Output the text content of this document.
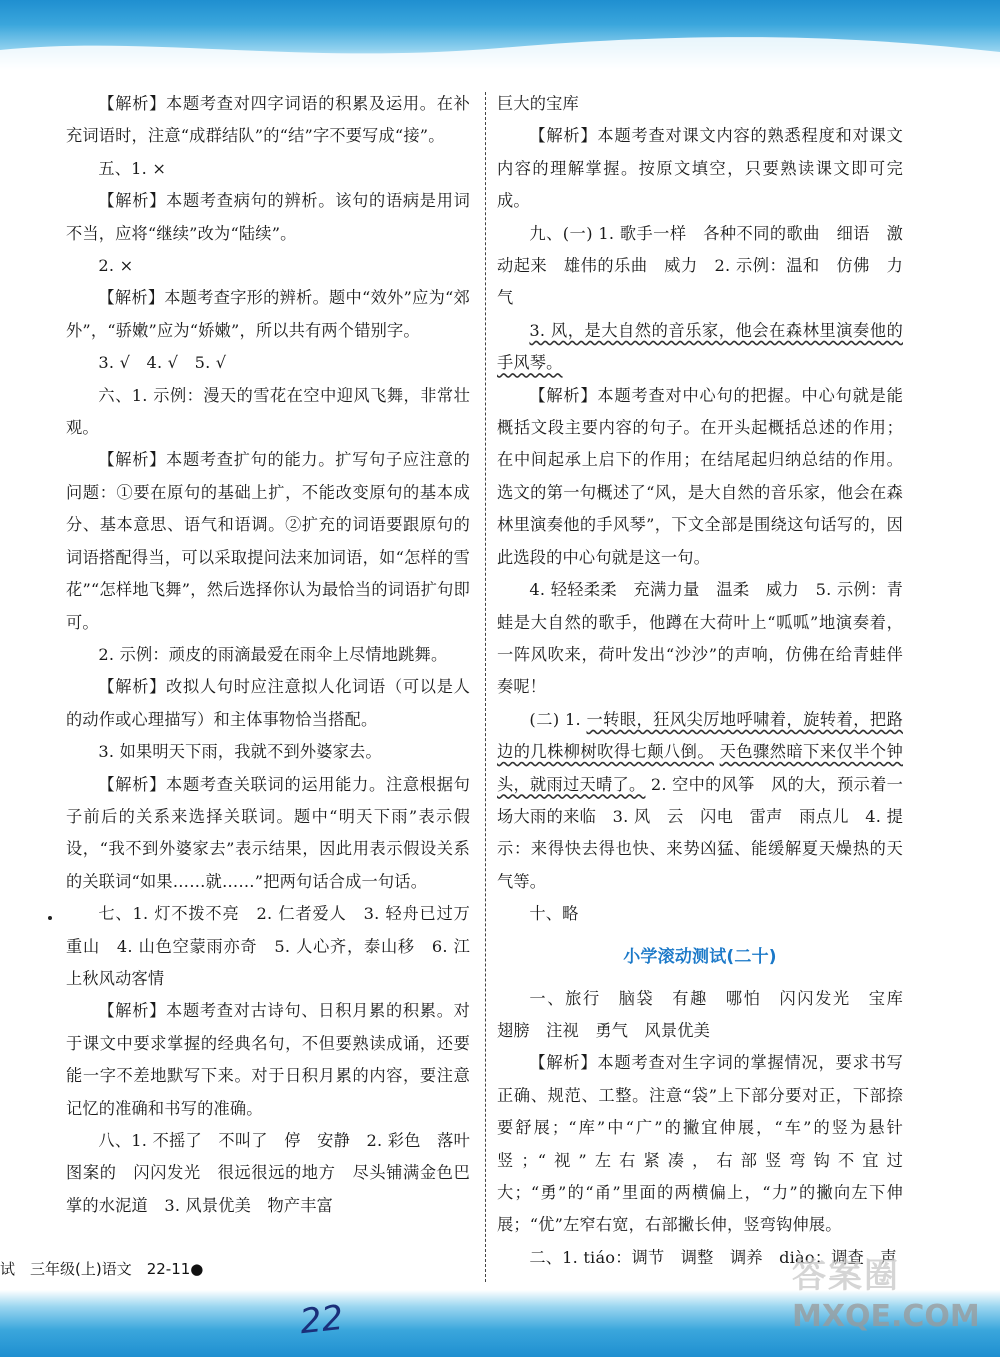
【解析】本题考查对四字词语的积累及运用。在补充词语时，注意“成群结队”的“结”字不要写成“接”。

五、1. ×

【解析】本题考查病句的辨析。该句的语病是用词不当，应将“继续”改为“陆续”。

2. ×

【解析】本题考查字形的辨析。题中“效外”应为“郊外”，“骄嫩”应为“娇嫩”，所以共有两个错别字。

3. √　4. √　5. √

六、1. 示例：漫天的雪花在空中迎风飞舞，非常壮观。

【解析】本题考查扩句的能力。扩写句子应注意的问题：①要在原句的基础上扩，不能改变原句的基本成分、基本意思、语气和语调。②扩充的词语要跟原句的词语搭配得当，可以采取提问法来加词语，如“怎样的雪花”“怎样地飞舞”，然后选择你认为最恰当的词语扩句即可。

2. 示例：顽皮的雨滴最爱在雨伞上尽情地跳舞。

【解析】改拟人句时应注意拟人化词语（可以是人的动作或心理描写）和主体事物恰当搭配。

3. 如果明天下雨，我就不到外婆家去。

【解析】本题考查关联词的运用能力。注意根据句子前后的关系来选择关联词。题中“明天下雨”表示假设，“我不到外婆家去”表示结果，因此用表示假设关系的关联词“如果……就……”把两句话合成一句话。

七、1. 灯不拨不亮　2. 仁者爱人　3. 轻舟已过万重山　4. 山色空蒙雨亦奇　5. 人心齐，泰山移　6. 江上秋风动客情

【解析】本题考查对古诗句、日积月累的积累。对于课文中要求掌握的经典名句，不但要熟读成诵，还要能一字不差地默写下来。对于日积月累的内容，要注意记忆的准确和书写的准确。

八、1. 不摇了　不叫了　停　安静　2. 彩色　落叶图案的　闪闪发光　很远很远的地方　尽头铺满金色巴掌的水泥道　3. 风景优美　物产丰富

巨大的宝库

【解析】本题考查对课文内容的熟悉程度和对课文内容的理解掌握。按原文填空，只要熟读课文即可完成。

九、(一) 1. 歌手一样　各种不同的歌曲　细语　激动起来　雄伟的乐曲　威力　2. 示例：温和　仿佛　力气

3. 风，是大自然的音乐家，他会在森林里演奏他的手风琴。

【解析】本题考查对中心句的把握。中心句就是能概括文段主要内容的句子。在开头起概括总述的作用；在中间起承上启下的作用；在结尾起归纳总结的作用。选文的第一句概述了“风，是大自然的音乐家，他会在森林里演奏他的手风琴”，下文全部是围绕这句话写的，因此选段的中心句就是这一句。

4. 轻轻柔柔　充满力量　温柔　威力　5. 示例：青蛙是大自然的歌手，他蹲在大荷叶上“呱呱”地演奏着，一阵风吹来，荷叶发出“沙沙”的声响，仿佛在给青蛙伴奏呢！

(二) 1. 一转眼，狂风尖厉地呼啸着，旋转着，把路边的几株柳树吹得七颠八倒。 天色骤然暗下来仅半个钟头，就雨过天晴了。 2. 空中的风筝　风的大，预示着一场大雨的来临　3. 风　云　闪电　雷声　雨点儿　4. 提示：来得快去得也快、来势凶猛、能缓解夏天燥热的天气等。

十、略

小学滚动测试(二十)

一、旅行　脑袋　有趣　哪怕　闪闪发光　宝库　翅膀　注视　勇气　风景优美

【解析】本题考查对生字词的掌握情况，要求书写正确、规范、工整。注意“袋”上下部分要对正，下部捺要舒展；“库”中“广”的撇宜伸展，“车”的竖为悬针竖；“视”左右紧凑，右部竖弯钩不宜过大；“勇”的“甬”里面的两横偏上，“力”的撇向左下伸展；“优”左窄右宽，右部撇长伸，竖弯钩伸展。

二、1. tiáo：调节　调整　调养　diào：调查　声

试　三年级(上)语文　22-11●
22
答案圈
MXQE.COM
